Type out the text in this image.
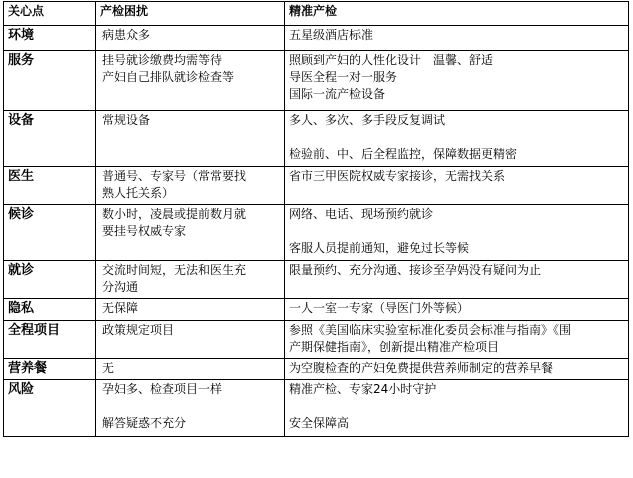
关心点	产检困扰	精准产检
环境	病患众多	五星级酒店标准

服务	挂号就诊缴费均需等待
产妇自己排队就诊检查等	照顾到产妇的人性化设计　温馨、舒适
导医全程一对一服务
国际一流产检设备

设备	常规设备	多人、多次、多手段反复调试
检验前、中、后全程监控，保障数据更精密

医生	普通号、专家号（常常要找
熟人托关系）	省市三甲医院权威专家接诊，无需找关系

候诊	数小时，凌晨或提前数月就
要挂号权威专家	网络、电话、现场预约就诊
客服人员提前通知，避免过长等候

就诊	交流时间短，无法和医生充
分沟通	限量预约、充分沟通、接诊至孕妈没有疑问为止

隐私	无保障	一人一室一专家（导医门外等候）

全程项目	政策规定项目	参照《美国临床实验室标准化委员会标准与指南》《围
产期保健指南》，创新提出精准产检项目

营养餐	无	为空腹检查的产妇免费提供营养师制定的营养早餐

风险	孕妇多、检查项目一样
解答疑惑不充分	精准产检、专家24小时守护
安全保障高
